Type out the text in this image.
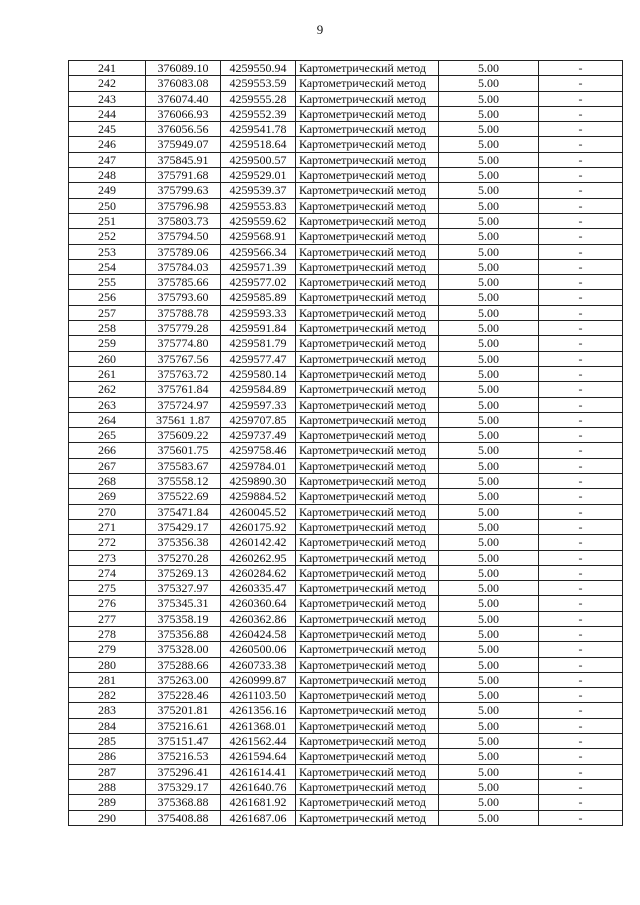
9
241	376089.10	4259550.94	Картометрический метод	5.00	-
242	376083.08	4259553.59	Картометрический метод	5.00	-
243	376074.40	4259555.28	Картометрический метод	5.00	-
244	376066.93	4259552.39	Картометрический метод	5.00	-
245	376056.56	4259541.78	Картометрический метод	5.00	-
246	375949.07	4259518.64	Картометрический метод	5.00	-
247	375845.91	4259500.57	Картометрический метод	5.00	-
248	375791.68	4259529.01	Картометрический метод	5.00	-
249	375799.63	4259539.37	Картометрический метод	5.00	-
250	375796.98	4259553.83	Картометрический метод	5.00	-
251	375803.73	4259559.62	Картометрический метод	5.00	-
252	375794.50	4259568.91	Картометрический метод	5.00	-
253	375789.06	4259566.34	Картометрический метод	5.00	-
254	375784.03	4259571.39	Картометрический метод	5.00	-
255	375785.66	4259577.02	Картометрический метод	5.00	-
256	375793.60	4259585.89	Картометрический метод	5.00	-
257	375788.78	4259593.33	Картометрический метод	5.00	-
258	375779.28	4259591.84	Картометрический метод	5.00	-
259	375774.80	4259581.79	Картометрический метод	5.00	-
260	375767.56	4259577.47	Картометрический метод	5.00	-
261	375763.72	4259580.14	Картометрический метод	5.00	-
262	375761.84	4259584.89	Картометрический метод	5.00	-
263	375724.97	4259597.33	Картометрический метод	5.00	-
264	37561 1.87	4259707.85	Картометрический метод	5.00	-
265	375609.22	4259737.49	Картометрический метод	5.00	-
266	375601.75	4259758.46	Картометрический метод	5.00	-
267	375583.67	4259784.01	Картометрический метод	5.00	-
268	375558.12	4259890.30	Картометрический метод	5.00	-
269	375522.69	4259884.52	Картометрический метод	5.00	-
270	375471.84	4260045.52	Картометрический метод	5.00	-
271	375429.17	4260175.92	Картометрический метод	5.00	-
272	375356.38	4260142.42	Картометрический метод	5.00	-
273	375270.28	4260262.95	Картометрический метод	5.00	-
274	375269.13	4260284.62	Картометрический метод	5.00	-
275	375327.97	4260335.47	Картометрический метод	5.00	-
276	375345.31	4260360.64	Картометрический метод	5.00	-
277	375358.19	4260362.86	Картометрический метод	5.00	-
278	375356.88	4260424.58	Картометрический метод	5.00	-
279	375328.00	4260500.06	Картометрический метод	5.00	-
280	375288.66	4260733.38	Картометрический метод	5.00	-
281	375263.00	4260999.87	Картометрический метод	5.00	-
282	375228.46	4261103.50	Картометрический метод	5.00	-
283	375201.81	4261356.16	Картометрический метод	5.00	-
284	375216.61	4261368.01	Картометрический метод	5.00	-
285	375151.47	4261562.44	Картометрический метод	5.00	-
286	375216.53	4261594.64	Картометрический метод	5.00	-
287	375296.41	4261614.41	Картометрический метод	5.00	-
288	375329.17	4261640.76	Картометрический метод	5.00	-
289	375368.88	4261681.92	Картометрический метод	5.00	-
290	375408.88	4261687.06	Картометрический метод	5.00	-
